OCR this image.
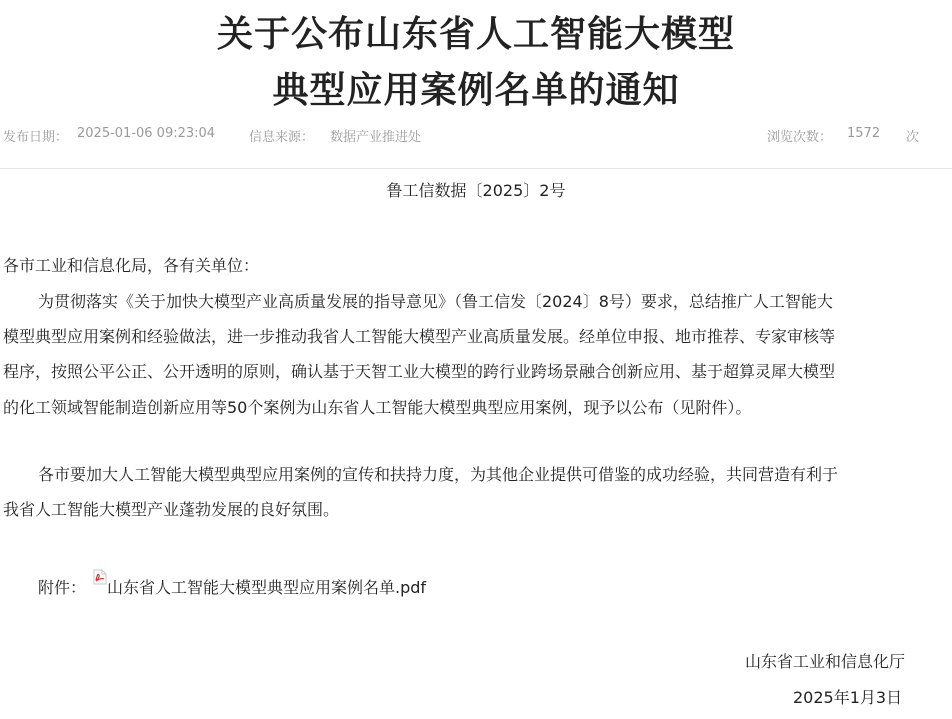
关于公布山东省人工智能大模型
典型应用案例名单的通知
发布日期： 2025-01-06 09:23:04	信息来源： 数据产业推进处	浏览次数： 1572 次
鲁工信数据〔2025〕2号
各市工业和信息化局，各有关单位：
为贯彻落实《关于加快大模型产业高质量发展的指导意见》（鲁工信发〔2024〕8号）要求，总结推广人工智能大
模型典型应用案例和经验做法，进一步推动我省人工智能大模型产业高质量发展。经单位申报、地市推荐、专家审核等
程序，按照公平公正、公开透明的原则，确认基于天智工业大模型的跨行业跨场景融合创新应用、基于超算灵犀大模型
的化工领域智能制造创新应用等50个案例为山东省人工智能大模型典型应用案例，现予以公布（见附件）。
各市要加大人工智能大模型典型应用案例的宣传和扶持力度，为其他企业提供可借鉴的成功经验，共同营造有利于
我省人工智能大模型产业蓬勃发展的良好氛围。
附件： 山东省人工智能大模型典型应用案例名单.pdf
山东省工业和信息化厅
2025年1月3日
